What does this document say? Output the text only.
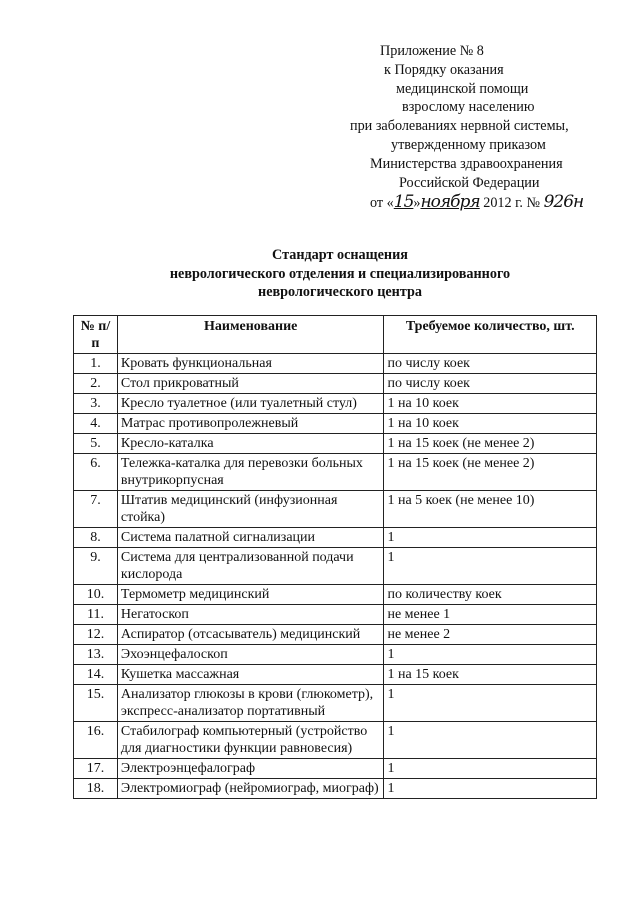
Приложение № 8
к Порядку оказания
медицинской помощи
взрослому населению
при заболеваниях нервной системы,
утвержденному приказом
Министерства здравоохранения
Российской Федерации
от «15»ноября 2012 г. № 926н
Стандарт оснащения
неврологического отделения и специализированного
неврологического центра
№ п/п	Наименование	Требуемое количество, шт.
1.	Кровать функциональная	по числу коек
2.	Стол прикроватный	по числу коек
3.	Кресло туалетное (или туалетный стул)	1 на 10 коек
4.	Матрас противопролежневый	1 на 10 коек
5.	Кресло-каталка	1 на 15 коек (не менее 2)
6.	Тележка-каталка для перевозки больных внутрикорпусная	1 на 15 коек (не менее 2)
7.	Штатив медицинский (инфузионная стойка)	1 на 5 коек (не менее 10)
8.	Система палатной сигнализации	1
9.	Система для централизованной подачи кислорода	1
10.	Термометр медицинский	по количеству коек
11.	Негатоскоп	не менее 1
12.	Аспиратор (отсасыватель) медицинский	не менее 2
13.	Эхоэнцефалоскоп	1
14.	Кушетка массажная	1 на 15 коек
15.	Анализатор глюкозы в крови (глюкометр), экспресс-анализатор портативный	1
16.	Стабилограф компьютерный (устройство для диагностики функции равновесия)	1
17.	Электроэнцефалограф	1
18.	Электромиограф (нейромиограф, миограф)	1
